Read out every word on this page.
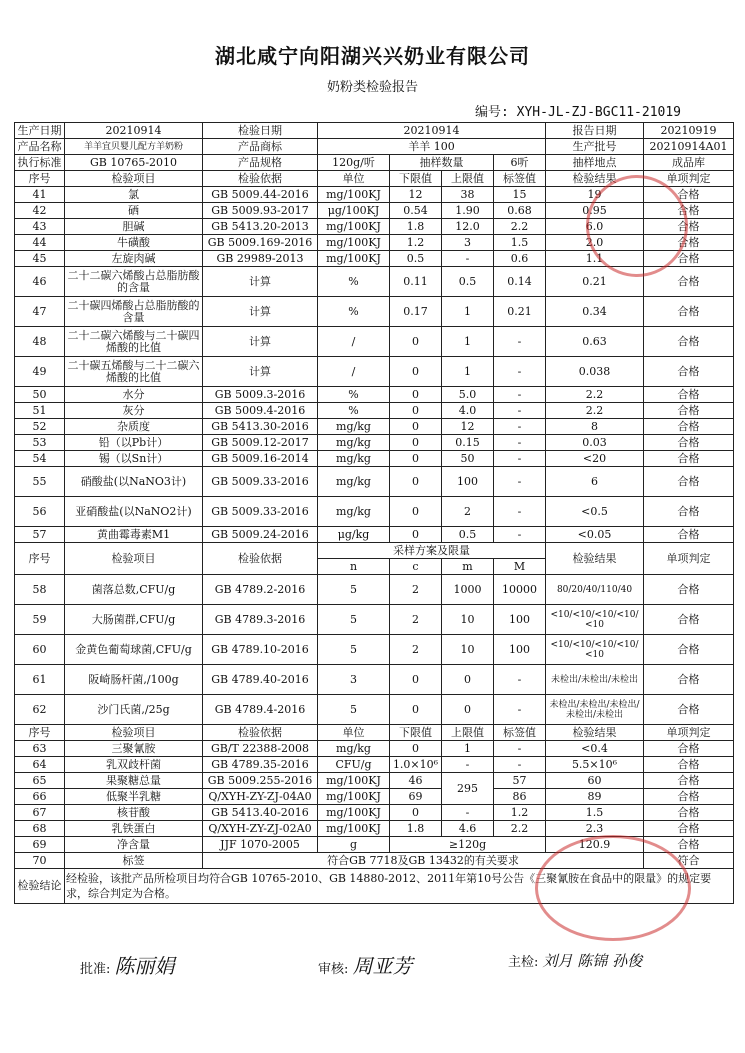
湖北咸宁向阳湖兴兴奶业有限公司
奶粉类检验报告
编号: XYH-JL-ZJ-BGC11-21019
生产日期	20210914	检验日期	20210914				报告日期	20210919
产品名称	羊羊宜贝婴儿配方羊奶粉	产品商标	羊羊 100				生产批号	20210914A01
执行标准	GB 10765-2010	产品规格	120g/听	抽样数量		6听	抽样地点	成品库
序号	检验项目	检验依据	单位	下限值	上限值	标签值	检验结果	单项判定
41	氯	GB 5009.44-2016	mg/100KJ	12	38	15	19	合格
42	硒	GB 5009.93-2017	μg/100KJ	0.54	1.90	0.68	0.95	合格
43	胆碱	GB 5413.20-2013	mg/100KJ	1.8	12.0	2.2	6.0	合格
44	牛磺酸	GB 5009.169-2016	mg/100KJ	1.2	3	1.5	2.0	合格
45	左旋肉碱	GB 29989-2013	mg/100KJ	0.5	-	0.6	1.1	合格
46	二十二碳六烯酸占总脂肪酸的含量	计算	%	0.11	0.5	0.14	0.21	合格
47	二十碳四烯酸占总脂肪酸的含量	计算	%	0.17	1	0.21	0.34	合格
48	二十二碳六烯酸与二十碳四烯酸的比值	计算	/	0	1	-	0.63	合格
49	二十碳五烯酸与二十二碳六烯酸的比值	计算	/	0	1	-	0.038	合格
50	水分	GB 5009.3-2016	%	0	5.0	-	2.2	合格
51	灰分	GB 5009.4-2016	%	0	4.0	-	2.2	合格
52	杂质度	GB 5413.30-2016	mg/kg	0	12	-	8	合格
53	铅（以Pb计）	GB 5009.12-2017	mg/kg	0	0.15	-	0.03	合格
54	锡（以Sn计）	GB 5009.16-2014	mg/kg	0	50	-	<20	合格
55	硝酸盐(以NaNO3计)	GB 5009.33-2016	mg/kg	0	100	-	6	合格
56	亚硝酸盐(以NaNO2计)	GB 5009.33-2016	mg/kg	0	2	-	<0.5	合格
57	黄曲霉毒素M1	GB 5009.24-2016	μg/kg	0	0.5	-	<0.05	合格
序号	检验项目	检验依据	采样方案及限量				检验结果	单项判定
			n	c	m	M		
58	菌落总数,CFU/g	GB 4789.2-2016	5	2	1000	10000	80/20/40/110/40	合格
59	大肠菌群,CFU/g	GB 4789.3-2016	5	2	10	100	<10/<10/<10/<10/<10	合格
60	金黄色葡萄球菌,CFU/g	GB 4789.10-2016	5	2	10	100	<10/<10/<10/<10/<10	合格
61	阪崎肠杆菌,/100g	GB 4789.40-2016	3	0	0	-	未检出/未检出/未检出	合格
62	沙门氏菌,/25g	GB 4789.4-2016	5	0	0	-	未检出/未检出/未检出/未检出/未检出	合格
序号	检验项目	检验依据	单位	下限值	上限值	标签值	检验结果	单项判定
63	三聚氰胺	GB/T 22388-2008	mg/kg	0	1	-	<0.4	合格
64	乳双歧杆菌	GB 4789.35-2016	CFU/g	1.0×10⁶	-	-	5.5×10⁶	合格
65	果聚糖总量	GB 5009.255-2016	mg/100KJ	46	295	57	60	合格
66	低聚半乳糖	Q/XYH-ZY-ZJ-04A0	mg/100KJ	69		86	89	合格
67	核苷酸	GB 5413.40-2016	mg/100KJ	0	-	1.2	1.5	合格
68	乳铁蛋白	Q/XYH-ZY-ZJ-02A0	mg/100KJ	1.8	4.6	2.2	2.3	合格
69	净含量	JJF 1070-2005	g	≥120g			120.9	合格
70	标签	符合GB 7718及GB 13432的有关要求						符合
检验结论	经检验，该批产品所检项目均符合GB 10765-2010、GB 14880-2012、2011年第10号公告《三聚氰胺在食品中的限量》的规定要求，综合判定为合格。							
批准: 陈丽娟	审核: 周亚芳	主检: 刘月 陈锦 孙俊
